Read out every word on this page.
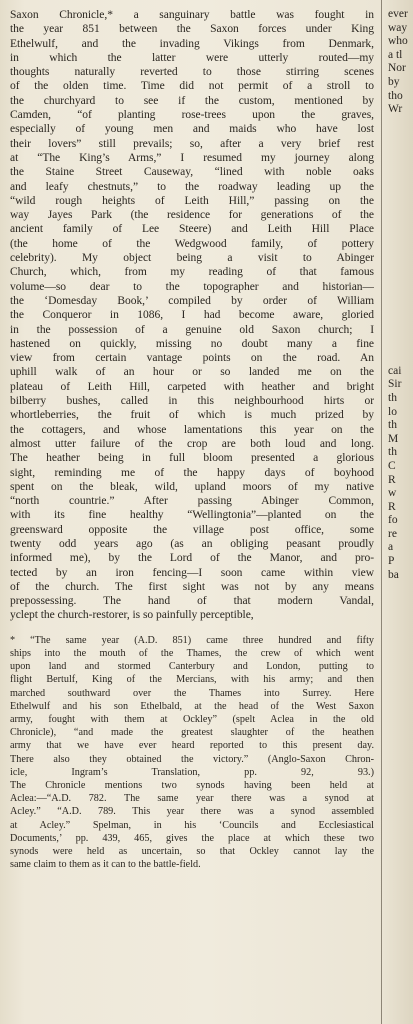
Saxon Chronicle,* a sanguinary battle was fought in
the year 851 between the Saxon forces under King
Ethelwulf, and the invading Vikings from Denmark,
in which the latter were utterly routed—my
thoughts naturally reverted to those stirring scenes
of the olden time. Time did not permit of a stroll to
the churchyard to see if the custom, mentioned by
Camden, “of planting rose-trees upon the graves,
especially of young men and maids who have lost
their lovers” still prevails; so, after a very brief rest
at “The King’s Arms,” I resumed my journey along
the Staine Street Causeway, “lined with noble oaks
and leafy chestnuts,” to the roadway leading up the
“wild rough heights of Leith Hill,” passing on the
way Jayes Park (the residence for generations of the
ancient family of Lee Steere) and Leith Hill Place
(the home of the Wedgwood family, of pottery
celebrity). My object being a visit to Abinger
Church, which, from my reading of that famous
volume—so dear to the topographer and historian—
the ‘Domesday Book,’ compiled by order of William
the Conqueror in 1086, I had become aware, gloried
in the possession of a genuine old Saxon church; I
hastened on quickly, missing no doubt many a fine
view from certain vantage points on the road. An
uphill walk of an hour or so landed me on the
plateau of Leith Hill, carpeted with heather and bright
bilberry bushes, called in this neighbourhood hirts or
whortleberries, the fruit of which is much prized by
the cottagers, and whose lamentations this year on the
almost utter failure of the crop are both loud and long.
The heather being in full bloom presented a glorious
sight, reminding me of the happy days of boyhood
spent on the bleak, wild, upland moors of my native
“north countrie.” After passing Abinger Common,
with its fine healthy “Wellingtonia”—planted on the
greensward opposite the village post office, some
twenty odd years ago (as an obliging peasant proudly
informed me), by the Lord of the Manor, and pro-
tected by an iron fencing—I soon came within view
of the church. The first sight was not by any means
prepossessing. The hand of that modern Vandal,
yclept the church-restorer, is so painfully perceptible,

* “The same year (A.D. 851) came three hundred and fifty
ships into the mouth of the Thames, the crew of which went
upon land and stormed Canterbury and London, putting to
flight Bertulf, King of the Mercians, with his army; and then
marched southward over the Thames into Surrey. Here
Ethelwulf and his son Ethelbald, at the head of the West Saxon
army, fought with them at Ockley” (spelt Aclea in the old
Chronicle), “and made the greatest slaughter of the heathen
army that we have ever heard reported to this present day.
There also they obtained the victory.” (Anglo-Saxon Chron-
icle, Ingram’s Translation, pp. 92, 93.)
The Chronicle mentions two synods having been held at
Aclea:—“A.D. 782. The same year there was a synod at
Acley.” “A.D. 789. This year there was a synod assembled
at Acley.” Spelman, in his ‘Councils and Ecclesiastical
Documents,’ pp. 439, 465, gives the place at which these two
synods were held as uncertain, so that Ockley cannot lay the
same claim to them as it can to the battle-field.

ever
way
who
a tl
Nor
by
tho
Wr
cai
Sir
th
lo
th
M
th
C
R
w
R
fo
re
a
P
ba
